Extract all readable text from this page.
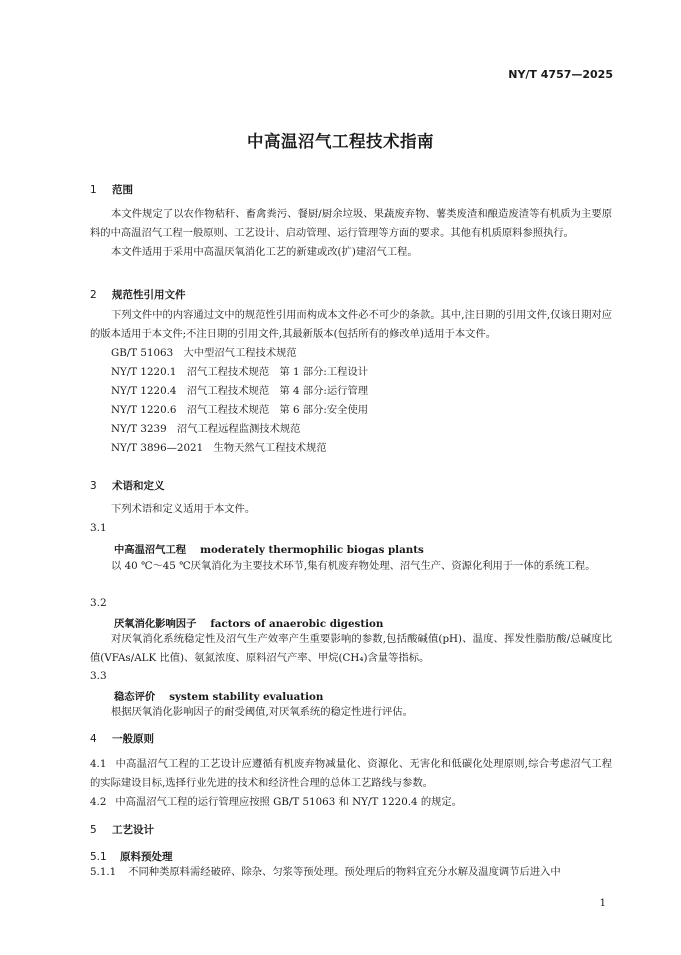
NY/T 4757—2025
中高温沼气工程技术指南
1 范围

本文件规定了以农作物秸秆、畜禽粪污、餐厨/厨余垃圾、果蔬废弃物、薯类废渣和酿造废渣等有机质为主要原料的中高温沼气工程一般原则、工艺设计、启动管理、运行管理等方面的要求。其他有机质原料参照执行。

本文件适用于采用中高温厌氧消化工艺的新建或改(扩)建沼气工程。

2 规范性引用文件

下列文件中的内容通过文中的规范性引用而构成本文件必不可少的条款。其中,注日期的引用文件,仅该日期对应的版本适用于本文件;不注日期的引用文件,其最新版本(包括所有的修改单)适用于本文件。

GB/T 51063　大中型沼气工程技术规范

NY/T 1220.1　沼气工程技术规范　第 1 部分:工程设计

NY/T 1220.4　沼气工程技术规范　第 4 部分:运行管理

NY/T 1220.6　沼气工程技术规范　第 6 部分:安全使用

NY/T 3239　沼气工程远程监测技术规范

NY/T 3896—2021　生物天然气工程技术规范

3 术语和定义

下列术语和定义适用于本文件。

3.1
中高温沼气工程 moderately thermophilic biogas plants

以 40 ℃～45 ℃厌氧消化为主要技术环节,集有机废弃物处理、沼气生产、资源化利用于一体的系统工程。

3.2
厌氧消化影响因子 factors of anaerobic digestion

对厌氧消化系统稳定性及沼气生产效率产生重要影响的参数,包括酸碱值(pH)、温度、挥发性脂肪酸/总碱度比值(VFAs/ALK 比值)、氨氮浓度、原料沼气产率、甲烷(CH₄)含量等指标。

3.3
稳态评价 system stability evaluation

根据厌氧消化影响因子的耐受阈值,对厌氧系统的稳定性进行评估。

4 一般原则

4.1 中高温沼气工程的工艺设计应遵循有机废弃物减量化、资源化、无害化和低碳化处理原则,综合考虑沼气工程的实际建设目标,选择行业先进的技术和经济性合理的总体工艺路线与参数。

4.2 中高温沼气工程的运行管理应按照 GB/T 51063 和 NY/T 1220.4 的规定。

5 工艺设计
5.1 原料预处理
5.1.1 不同种类原料需经破碎、除杂、匀浆等预处理。预处理后的物料宜充分水解及温度调节后进入中
1
